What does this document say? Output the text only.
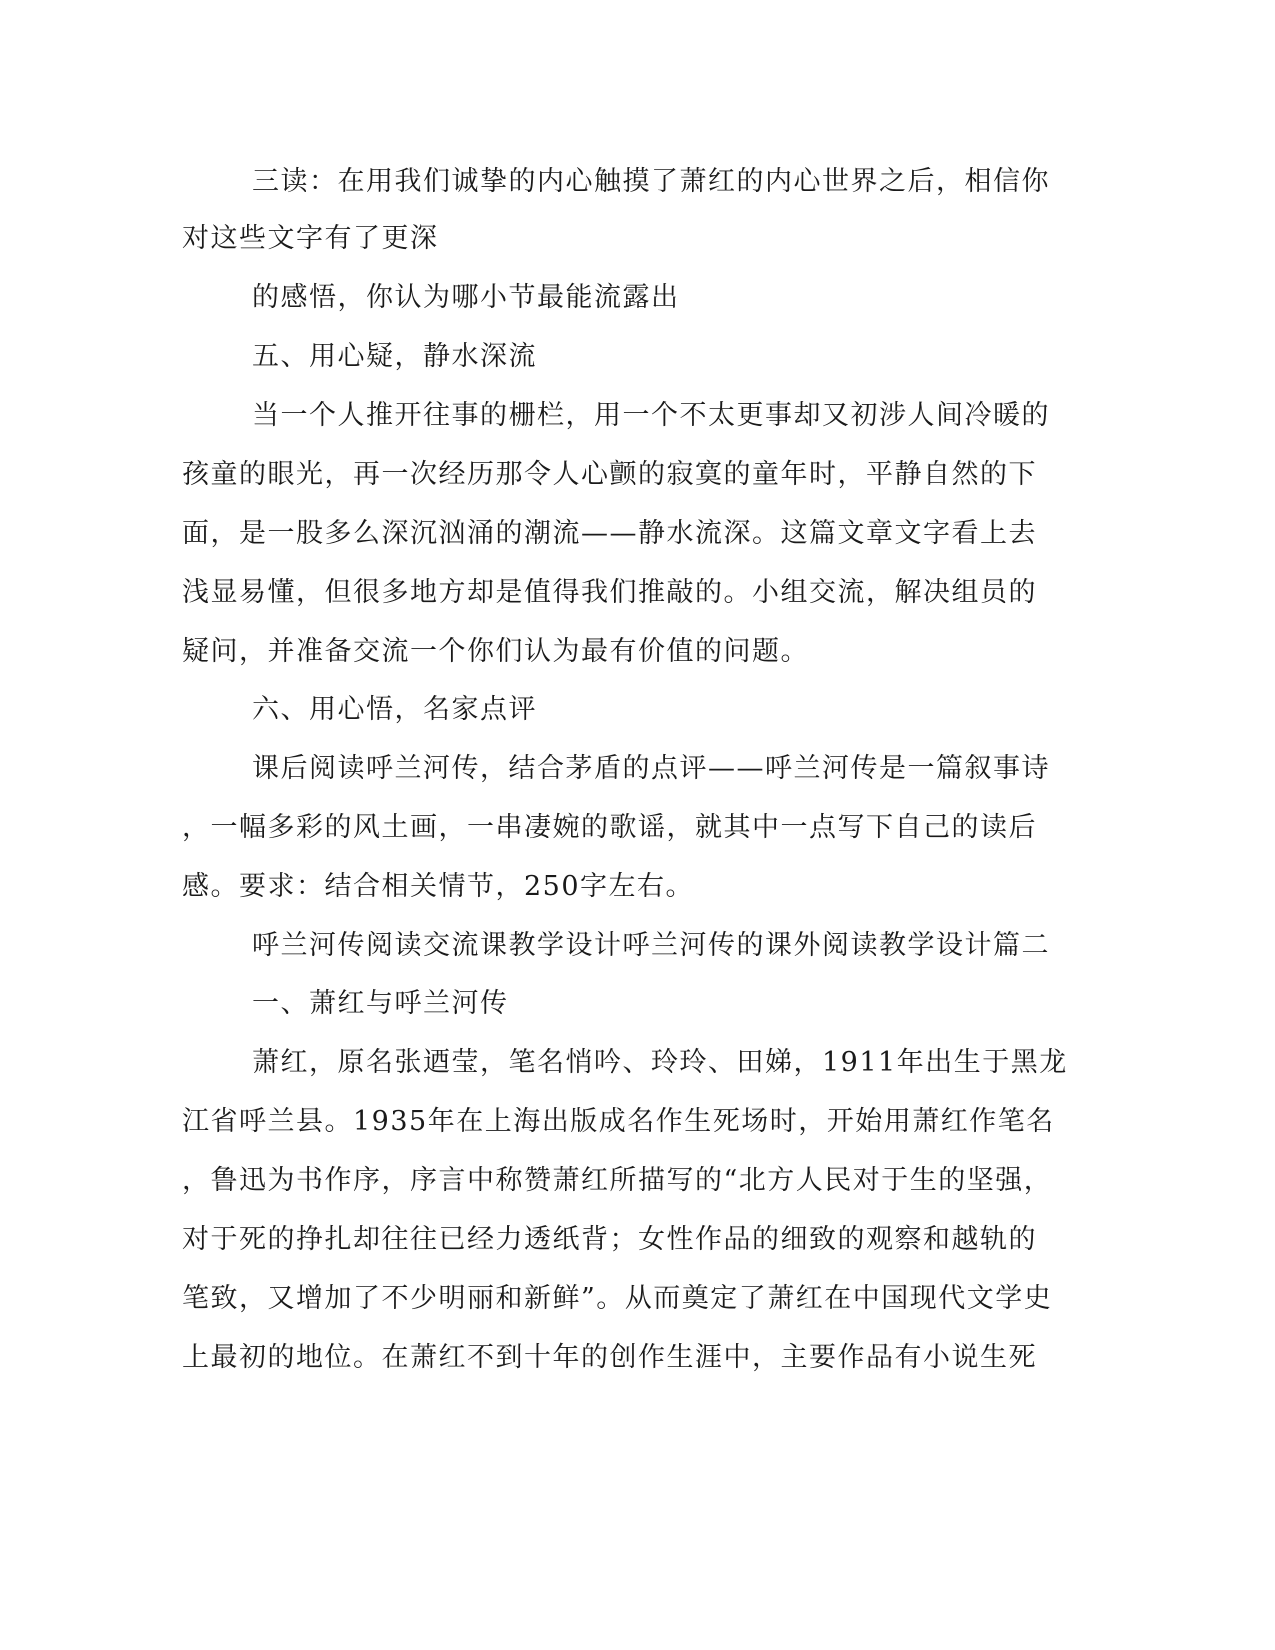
三读：在用我们诚挚的内心触摸了萧红的内心世界之后，相信你
对这些文字有了更深
的感悟，你认为哪小节最能流露出
五、用心疑，静水深流
当一个人推开往事的栅栏，用一个不太更事却又初涉人间冷暖的
孩童的眼光，再一次经历那令人心颤的寂寞的童年时，平静自然的下
面，是一股多么深沉汹涌的潮流——静水流深。这篇文章文字看上去
浅显易懂，但很多地方却是值得我们推敲的。小组交流，解决组员的
疑问，并准备交流一个你们认为最有价值的问题。
六、用心悟，名家点评
课后阅读呼兰河传，结合茅盾的点评——呼兰河传是一篇叙事诗
，一幅多彩的风土画，一串凄婉的歌谣，就其中一点写下自己的读后
感。要求：结合相关情节，250字左右。
呼兰河传阅读交流课教学设计呼兰河传的课外阅读教学设计篇二
一、萧红与呼兰河传
萧红，原名张迺莹，笔名悄吟、玲玲、田娣，1911年出生于黑龙
江省呼兰县。1935年在上海出版成名作生死场时，开始用萧红作笔名
，鲁迅为书作序，序言中称赞萧红所描写的“北方人民对于生的坚强，
对于死的挣扎却往往已经力透纸背；女性作品的细致的观察和越轨的
笔致，又增加了不少明丽和新鲜”。从而奠定了萧红在中国现代文学史
上最初的地位。在萧红不到十年的创作生涯中，主要作品有小说生死
